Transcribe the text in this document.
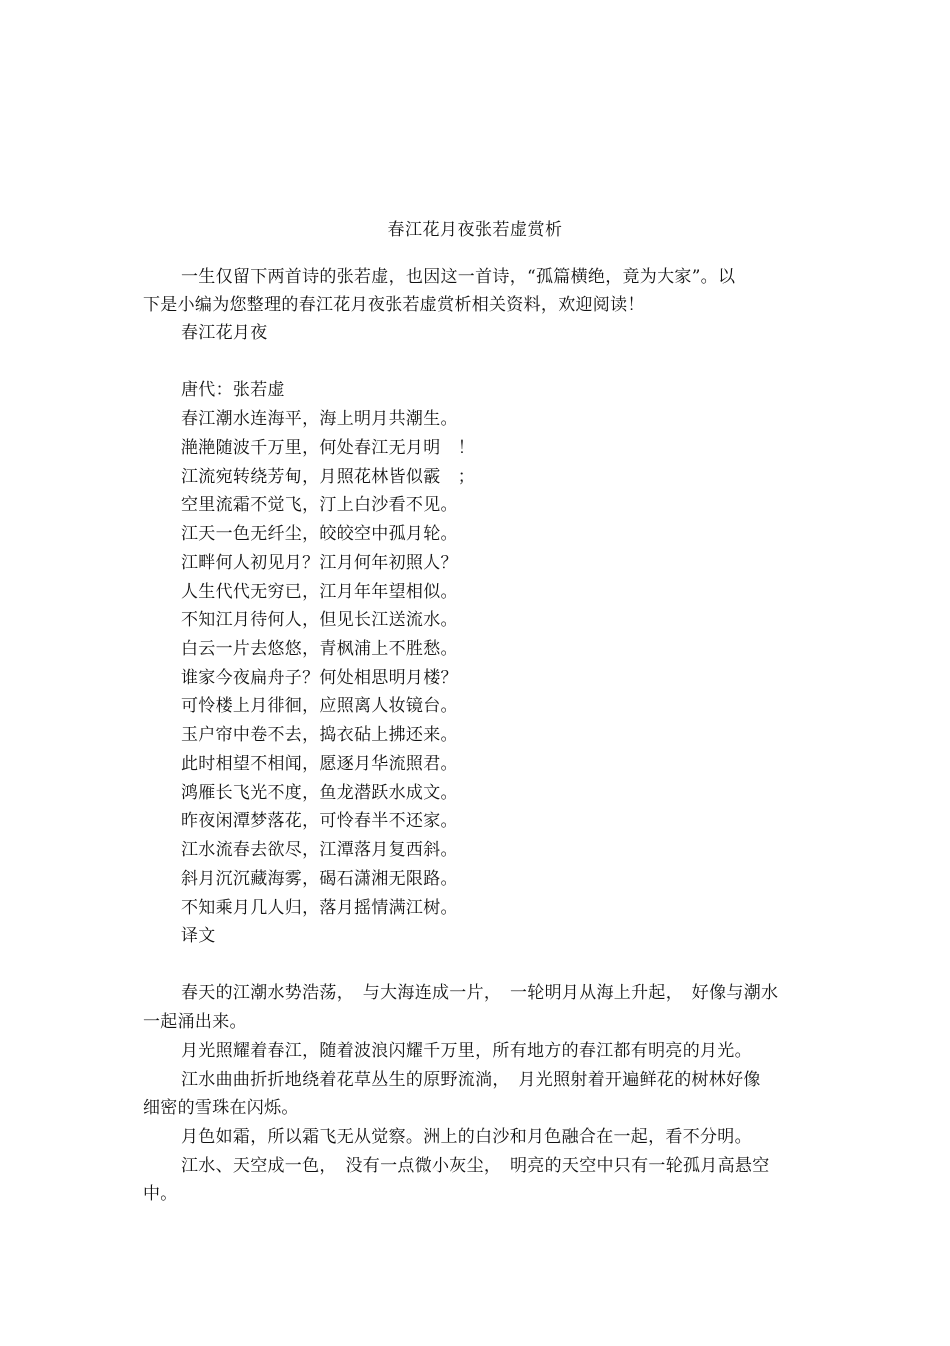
春江花月夜张若虚赏析
一生仅留下两首诗的张若虚，也因这一首诗，“孤篇横绝，竟为大家”。以
下是小编为您整理的春江花月夜张若虚赏析相关资料，欢迎阅读！
春江花月夜
唐代：张若虚
春江潮水连海平，海上明月共潮生。
滟滟随波千万里，何处春江无月明　！
江流宛转绕芳甸，月照花林皆似霰　；
空里流霜不觉飞，汀上白沙看不见。
江天一色无纤尘，皎皎空中孤月轮。
江畔何人初见月？江月何年初照人？
人生代代无穷已，江月年年望相似。
不知江月待何人，但见长江送流水。
白云一片去悠悠，青枫浦上不胜愁。
谁家今夜扁舟子？何处相思明月楼？
可怜楼上月徘徊，应照离人妆镜台。
玉户帘中卷不去，捣衣砧上拂还来。
此时相望不相闻，愿逐月华流照君。
鸿雁长飞光不度，鱼龙潜跃水成文。
昨夜闲潭梦落花，可怜春半不还家。
江水流春去欲尽，江潭落月复西斜。
斜月沉沉藏海雾，碣石潇湘无限路。
不知乘月几人归，落月摇情满江树。
译文
春天的江潮水势浩荡，　与大海连成一片，　一轮明月从海上升起，　好像与潮水
一起涌出来。
月光照耀着春江，随着波浪闪耀千万里，所有地方的春江都有明亮的月光。
江水曲曲折折地绕着花草丛生的原野流淌，　月光照射着开遍鲜花的树林好像
细密的雪珠在闪烁。
月色如霜，所以霜飞无从觉察。洲上的白沙和月色融合在一起，看不分明。
江水、天空成一色，　没有一点微小灰尘，　明亮的天空中只有一轮孤月高悬空
中。
